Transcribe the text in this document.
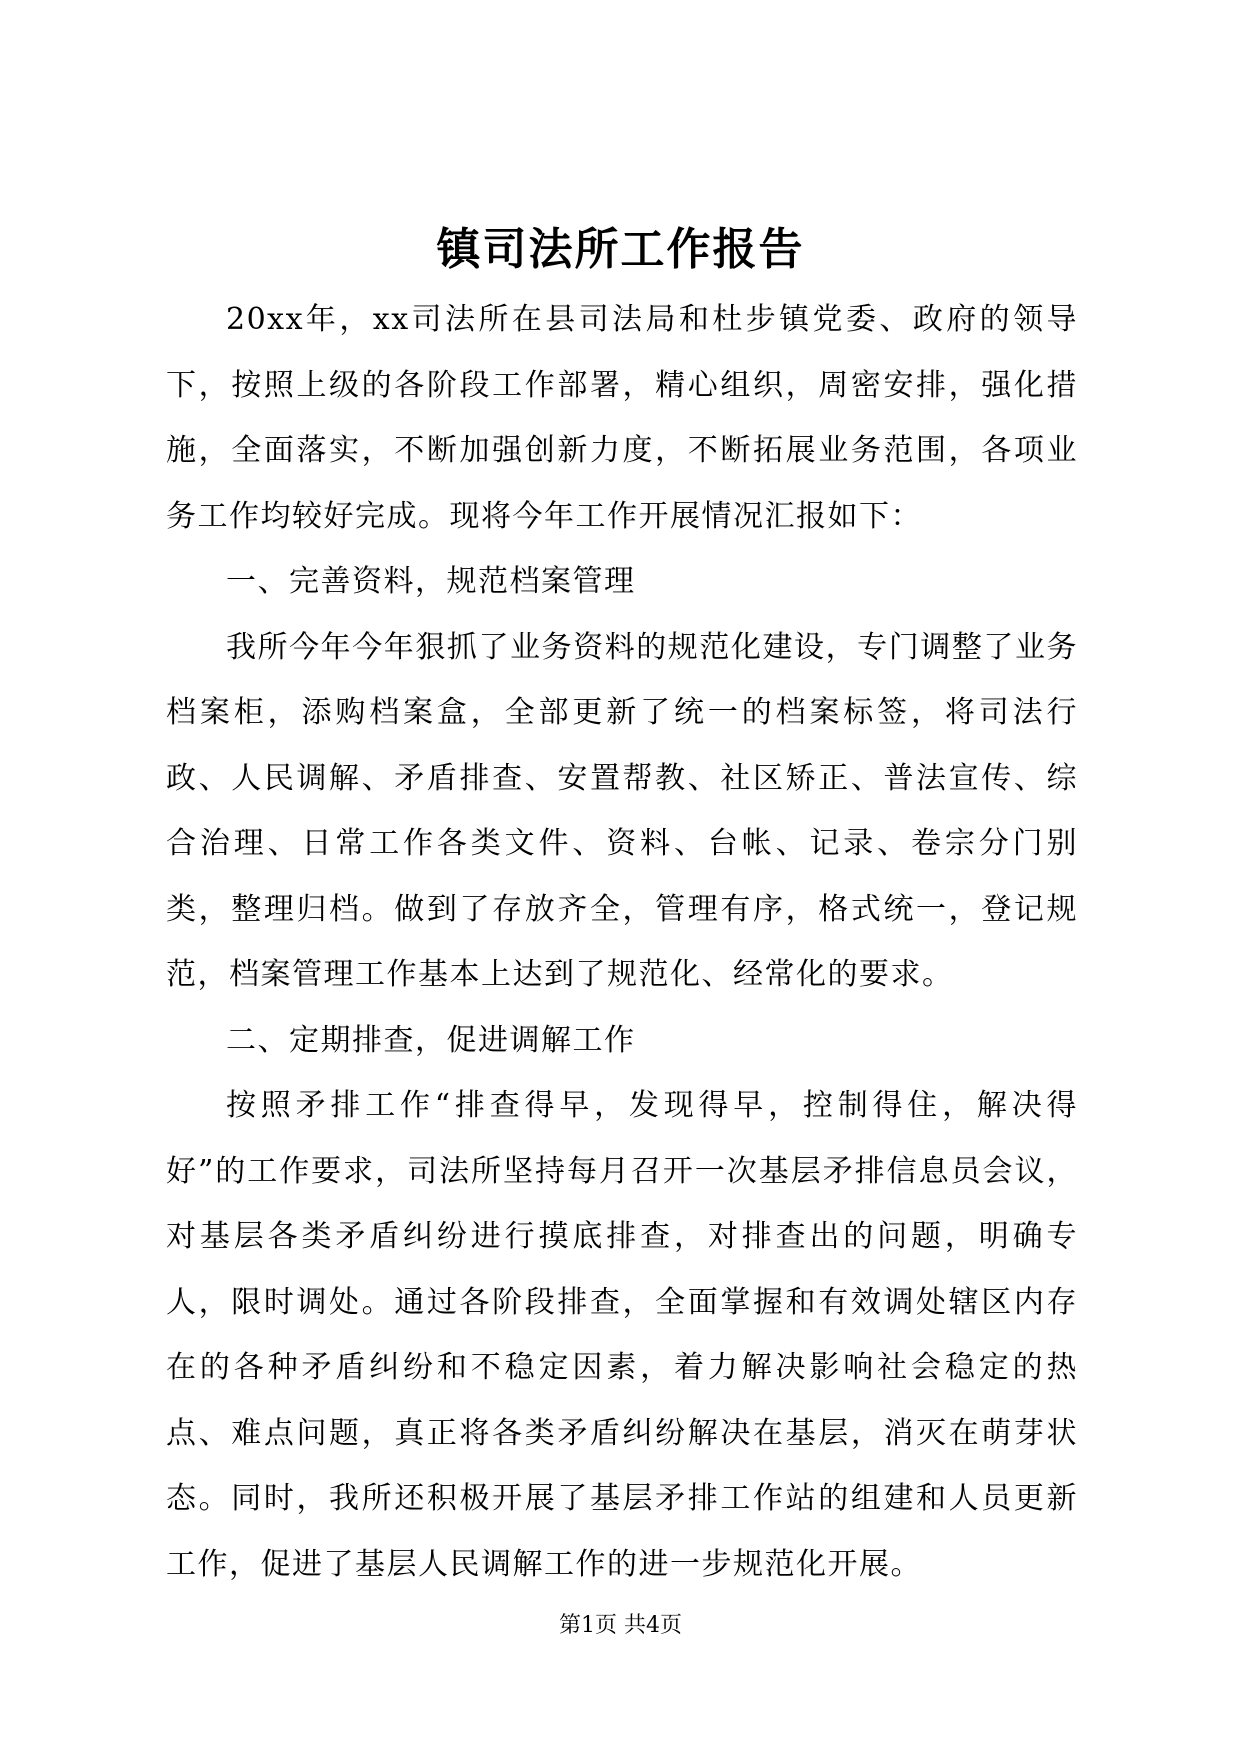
镇司法所工作报告

20xx年，xx司法所在县司法局和杜步镇党委、政府的领导下，按照上级的各阶段工作部署，精心组织，周密安排，强化措施，全面落实，不断加强创新力度，不断拓展业务范围，各项业务工作均较好完成。现将今年工作开展情况汇报如下：

一、完善资料，规范档案管理

我所今年今年狠抓了业务资料的规范化建设，专门调整了业务档案柜，添购档案盒，全部更新了统一的档案标签，将司法行政、人民调解、矛盾排查、安置帮教、社区矫正、普法宣传、综合治理、日常工作各类文件、资料、台帐、记录、卷宗分门别类，整理归档。做到了存放齐全，管理有序，格式统一，登记规范，档案管理工作基本上达到了规范化、经常化的要求。

二、定期排查，促进调解工作

按照矛排工作“排查得早，发现得早，控制得住，解决得好”的工作要求，司法所坚持每月召开一次基层矛排信息员会议，对基层各类矛盾纠纷进行摸底排查，对排查出的问题，明确专人，限时调处。通过各阶段排查，全面掌握和有效调处辖区内存在的各种矛盾纠纷和不稳定因素，着力解决影响社会稳定的热点、难点问题，真正将各类矛盾纠纷解决在基层，消灭在萌芽状态。同时，我所还积极开展了基层矛排工作站的组建和人员更新工作，促进了基层人民调解工作的进一步规范化开展。

第1页 共4页
